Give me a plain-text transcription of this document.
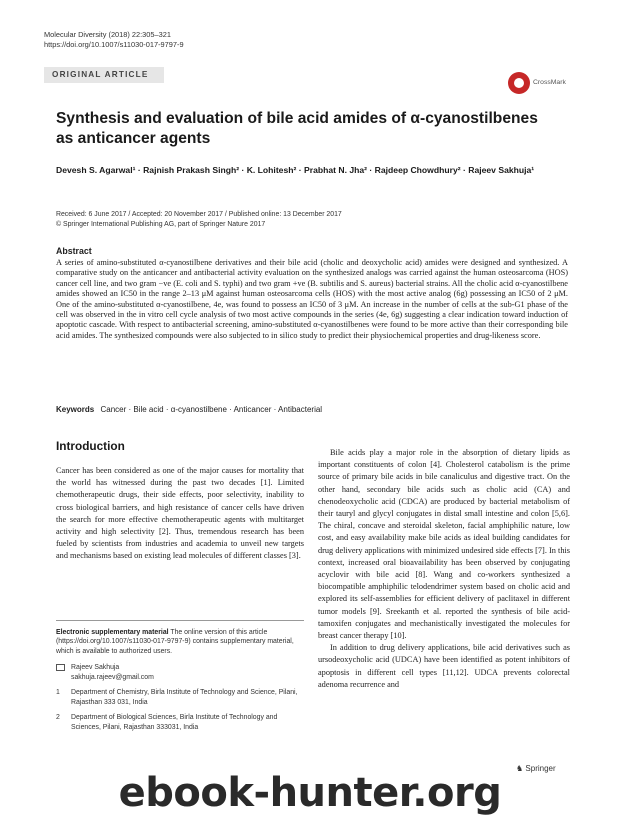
Molecular Diversity (2018) 22:305–321
https://doi.org/10.1007/s11030-017-9797-9
ORIGINAL ARTICLE
CrossMark
Synthesis and evaluation of bile acid amides of α-cyanostilbenes as anticancer agents
Devesh S. Agarwal¹ · Rajnish Prakash Singh² · K. Lohitesh² · Prabhat N. Jha² · Rajdeep Chowdhury² · Rajeev Sakhuja¹
Received: 6 June 2017 / Accepted: 20 November 2017 / Published online: 13 December 2017
© Springer International Publishing AG, part of Springer Nature 2017
Abstract
A series of amino-substituted α-cyanostilbene derivatives and their bile acid (cholic and deoxycholic acid) amides were designed and synthesized. A comparative study on the anticancer and antibacterial activity evaluation on the synthesized analogs was carried against the human osteosarcoma (HOS) cancer cell line, and two gram −ve (E. coli and S. typhi) and two gram +ve (B. subtilis and S. aureus) bacterial strains. All the cholic acid α-cyanostilbene amides showed an IC50 in the range 2–13 μM against human osteosarcoma cells (HOS) with the most active analog (6g) possessing an IC50 of 2 μM. One of the amino-substituted α-cyanostilbene, 4e, was found to possess an IC50 of 3 μM. An increase in the number of cells at the sub-G1 phase of the cell was observed in the in vitro cell cycle analysis of two most active compounds in the series (4e, 6g) suggesting a clear indication toward induction of apoptotic cascade. With respect to antibacterial screening, amino-substituted α-cyanostilbenes were found to be more active than their corresponding bile acid amides. The synthesized compounds were also subjected to in silico study to predict their physiochemical properties and drug-likeness score.
Keywords Cancer · Bile acid · α-cyanostilbene · Anticancer · Antibacterial
Introduction
Cancer has been considered as one of the major causes for mortality that the world has witnessed during the past two decades [1]. Limited chemotherapeutic drugs, their side effects, poor selectivity, inability to cross biological barriers, and high resistance of cancer cells have driven the search for more effective chemotherapeutic agents with multitarget activity and high selectivity [2]. Thus, tremendous research has been fueled by scientists from industries and academia to unveil new targets and mechanisms based on existing lead molecules of different classes [3].
Bile acids play a major role in the absorption of dietary lipids as important constituents of colon [4]. Cholesterol catabolism is the prime source of primary bile acids in bile canaliculus and digestive tract. On the other hand, secondary bile acids such as cholic acid (CA) and chenodeoxycholic acid (CDCA) are produced by bacterial metabolism of their tauryl and glycyl conjugates in distal small intestine and colon [5,6]. The chiral, concave and steroidal skeleton, facial amphiphilic nature, low cost, and easy availability make bile acids as ideal building candidates for drug delivery applications with minimized undesired side effects [7]. In this context, increased oral bioavailability has been observed by conjugating acyclovir with bile acid [8]. Wang and co-workers synthesized a biocompatible amphiphilic telodendrimer system based on cholic acid and explored its self-assemblies for efficient delivery of paclitaxel in different tumor models [9]. Sreekanth et al. reported the synthesis of bile acid-tamoxifen conjugates and mechanistically investigated the molecules for breast cancer therapy [10].
In addition to drug delivery applications, bile acid derivatives such as ursodeoxycholic acid (UDCA) have been identified as potent inhibitors of apoptosis in different cell types [11,12]. UDCA prevents colorectal adenoma recurrence and
Electronic supplementary material The online version of this article (https://doi.org/10.1007/s11030-017-9797-9) contains supplementary material, which is available to authorized users.
Rajeev Sakhuja
sakhuja.rajeev@gmail.com
1	Department of Chemistry, Birla Institute of Technology and Science, Pilani, Rajasthan 333 031, India
2	Department of Biological Sciences, Birla Institute of Technology and Sciences, Pilani, Rajasthan 333031, India
♞ Springer
ebook-hunter.org
